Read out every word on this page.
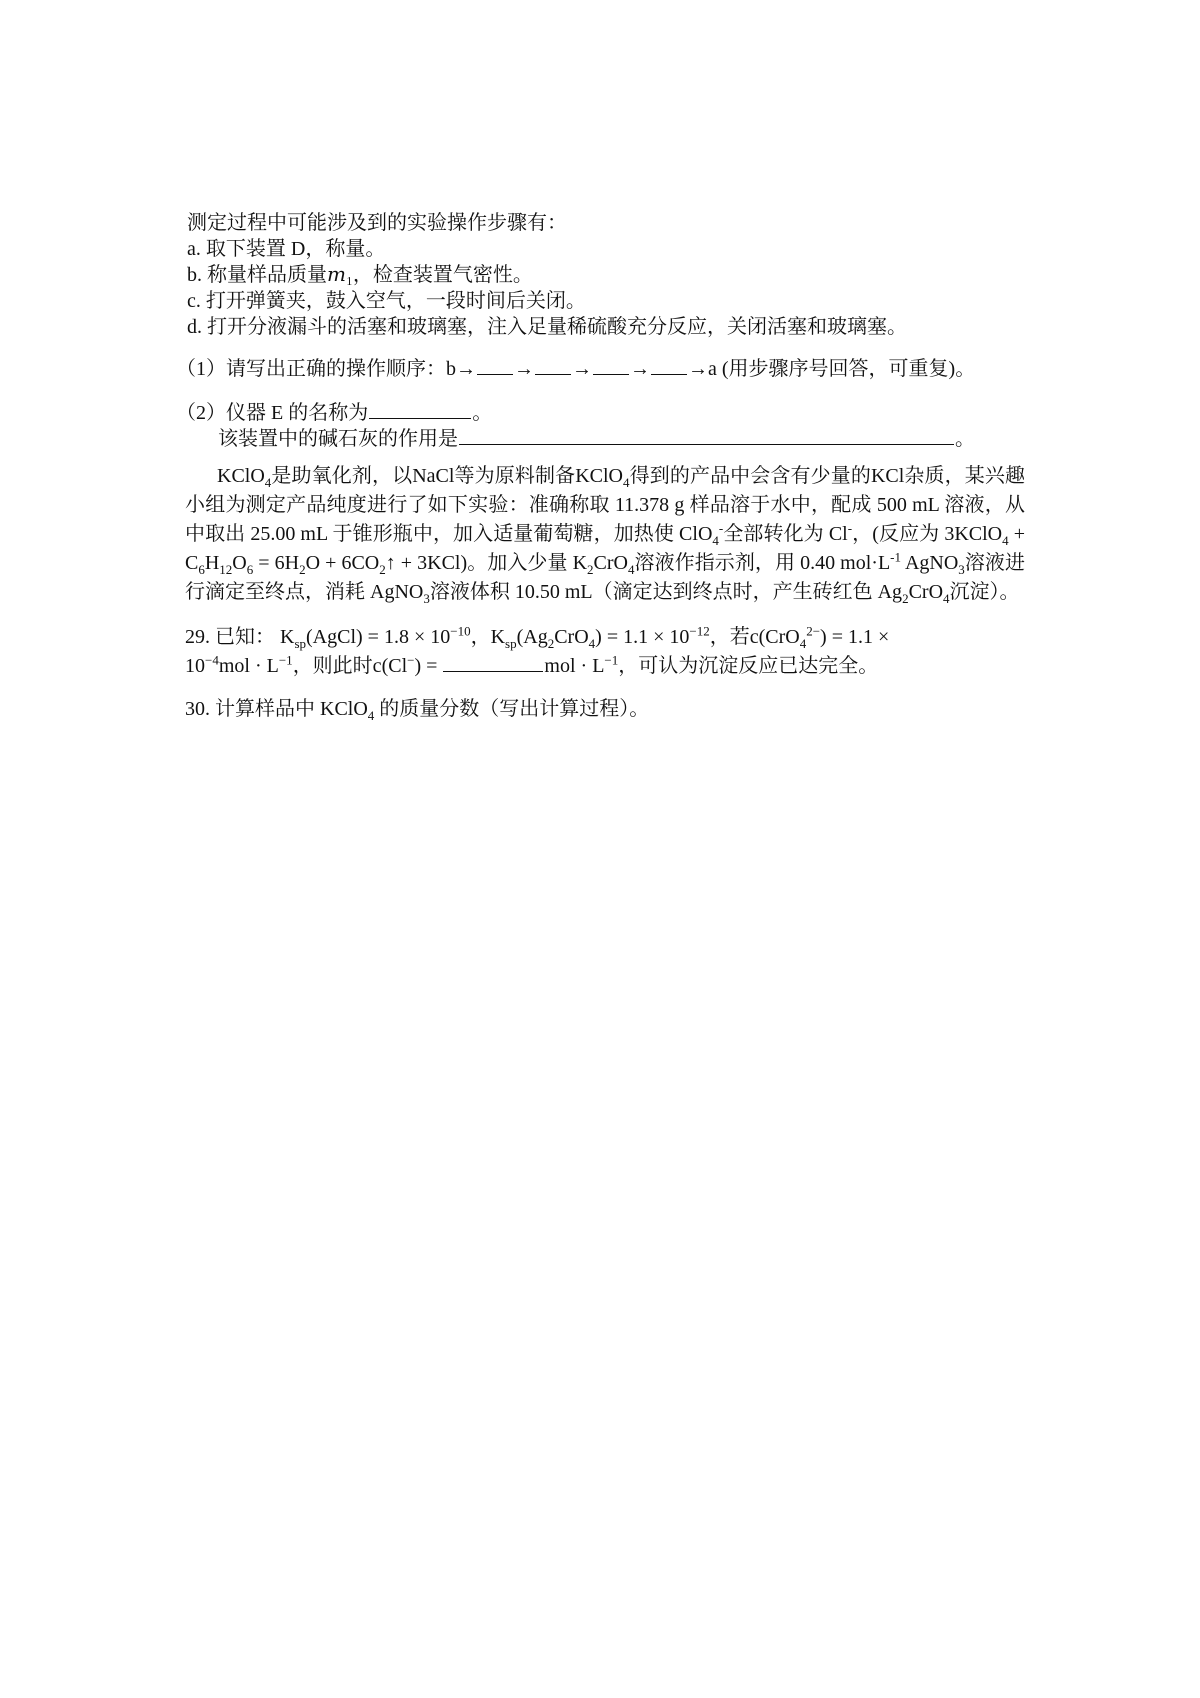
测定过程中可能涉及到的实验操作步骤有：
a. 取下装置 D，称量。
b. 称量样品质量𝑚₁，检查装置气密性。
c. 打开弹簧夹，鼓入空气，一段时间后关闭。
d. 打开分液漏斗的活塞和玻璃塞，注入足量稀硫酸充分反应，关闭活塞和玻璃塞。
（1）请写出正确的操作顺序：b→ → → → →a (用步骤序号回答，可重复)。
（2）仪器 E 的名称为	。
该装置中的碱石灰的作用是	。
KClO$_4$是助氧化剂，以NaCl等为原料制备KClO$_4$得到的产品中会含有少量的KCl杂质，某兴趣小组为测定产品纯度进行了如下实验：准确称取 11.378 g 样品溶于水中，配成 500 mL 溶液，从中取出 25.00 mL 于锥形瓶中，加入适量葡萄糖，加热使 ClO$_4$-全部转化为 Cl-，(反应为 3KClO$_4$ + $C_6H_{12}O_6 = 6H_2O$ + $6CO_2↑ + 3KCl$)。加入少量 $K_2CrO_4$溶液作指示剂，用 0.40 $mol\cdot L^{-1}$ AgNO$_3$溶液进行滴定至终点，消耗 AgNO$_3$溶液体积 10.50 mL（滴定达到终点时，产生砖红色 $Ag_2CrO_4$沉淀）。
29. 已知： $K_{sp}(AgCl) = 1.8 \times 10^{-10}$，$K_{sp}(Ag_2CrO_4) = 1.1 \times 10^{-12}$，若c(CrO$_4^{2-}$) = 1.1 ×
$10^{-4}mol \cdot L^{-1}$，则此时c(Cl−) =	mol · $L^{-1}$，可认为沉淀反应已达完全。
30. 计算样品中 KClO$_4$ 的质量分数（写出计算过程）。
